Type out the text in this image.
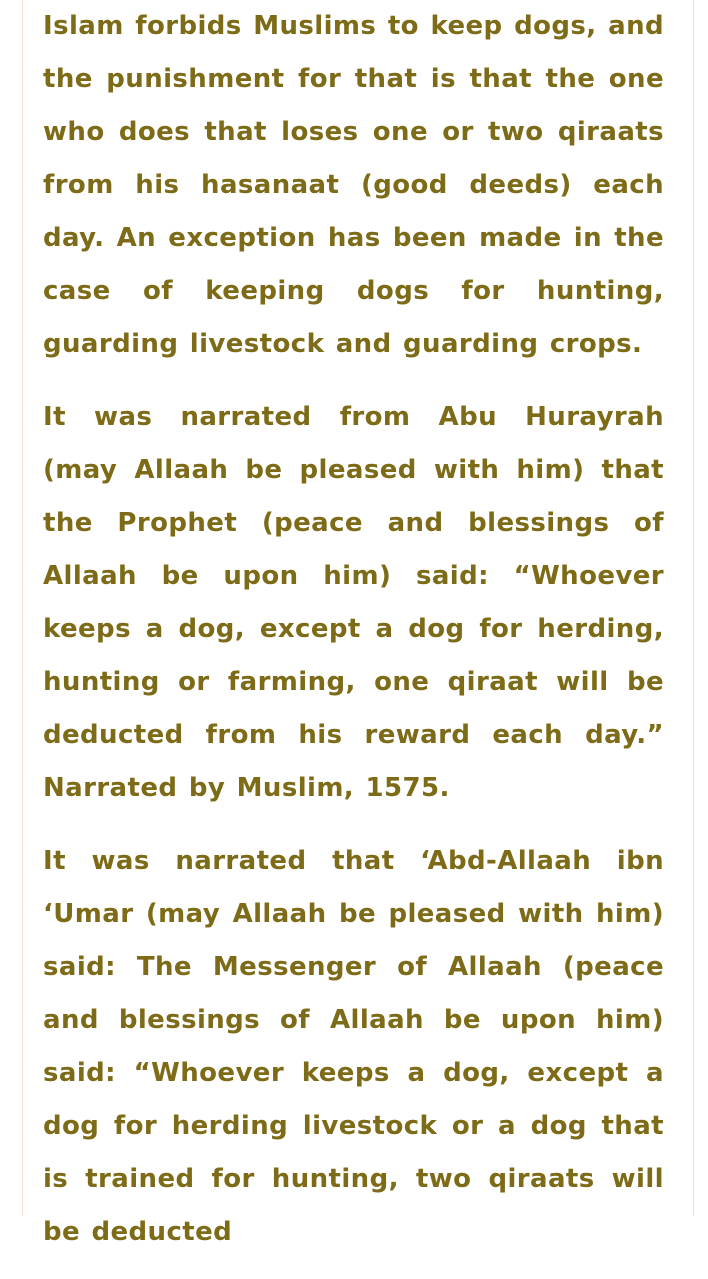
Islam forbids Muslims to keep dogs, and the punishment for that is that the one who does that loses one or two qiraats from his hasanaat (good deeds) each day. An exception has been made in the case of keeping dogs for hunting, guarding livestock and guarding crops.

It was narrated from Abu Hurayrah (may Allaah be pleased with him) that the Prophet (peace and blessings of Allaah be upon him) said: “Whoever keeps a dog, except a dog for herding, hunting or farming, one qiraat will be deducted from his reward each day.” Narrated by Muslim, 1575.

It was narrated that ‘Abd-Allaah ibn ‘Umar (may Allaah be pleased with him) said: The Messenger of Allaah (peace and blessings of Allaah be upon him) said: “Whoever keeps a dog, except a dog for herding livestock or a dog that is trained for hunting, two qiraats will be deducted
